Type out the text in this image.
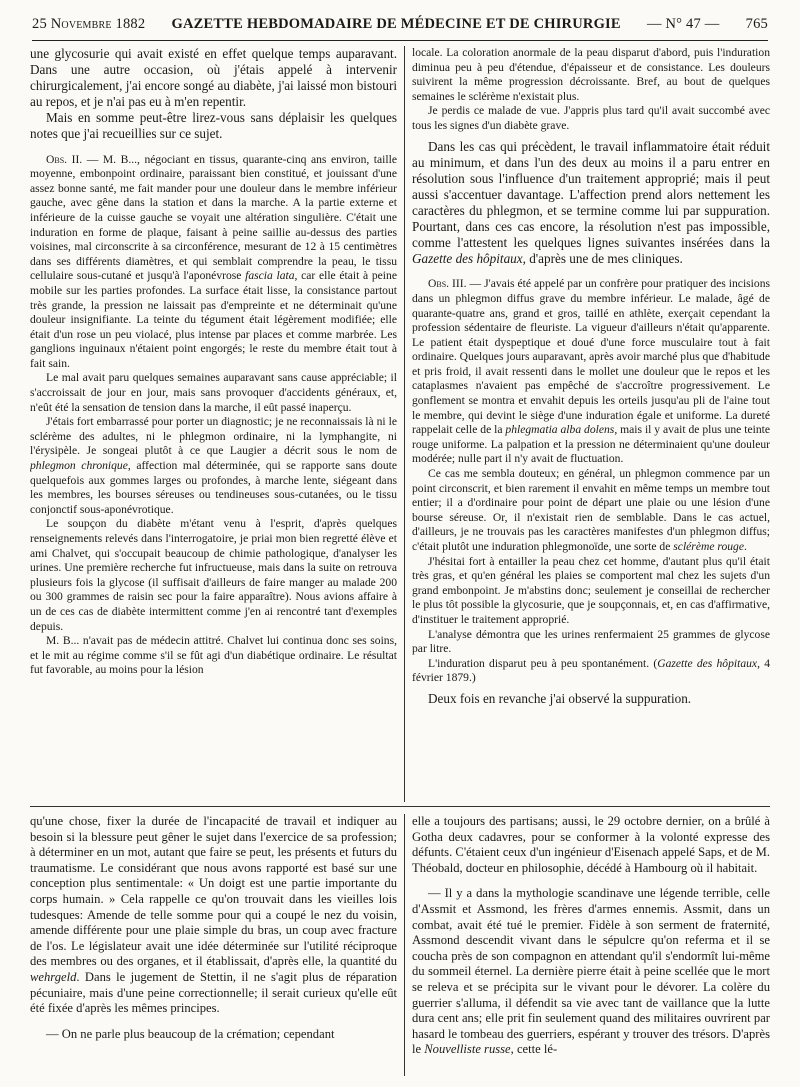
25 Novembre 1882 GAZETTE HEBDOMADAIRE DE MÉDECINE ET DE CHIRURGIE — N° 47 — 765

une glycosurie qui avait existé en effet quelque temps auparavant. Dans une autre occasion, où j'étais appelé à intervenir chirurgicalement, j'ai encore songé au diabète, j'ai laissé mon bistouri au repos, et je n'ai pas eu à m'en repentir.

Mais en somme peut-être lirez-vous sans déplaisir les quelques notes que j'ai recueillies sur ce sujet.

Obs. II. — M. B..., négociant en tissus, quarante-cinq ans environ, taille moyenne, embonpoint ordinaire, paraissant bien constitué, et jouissant d'une assez bonne santé, me fait mander pour une douleur dans le membre inférieur gauche, avec gêne dans la station et dans la marche. A la partie externe et inférieure de la cuisse gauche se voyait une altération singulière. C'était une induration en forme de plaque, faisant à peine saillie au-dessus des parties voisines, mal circonscrite à sa circonférence, mesurant de 12 à 15 centimètres dans ses différents diamètres, et qui semblait comprendre la peau, le tissu cellulaire sous-cutané et jusqu'à l'aponévrose fascia lata, car elle était à peine mobile sur les parties profondes. La surface était lisse, la consistance partout très grande, la pression ne laissait pas d'empreinte et ne déterminait qu'une douleur insignifiante. La teinte du tégument était légèrement modifiée; elle était d'un rose un peu violacé, plus intense par places et comme marbrée. Les ganglions inguinaux n'étaient point engorgés; le reste du membre était tout à fait sain.

Le mal avait paru quelques semaines auparavant sans cause appréciable; il s'accroissait de jour en jour, mais sans provoquer d'accidents généraux, et, n'eût été la sensation de tension dans la marche, il eût passé inaperçu.

J'étais fort embarrassé pour porter un diagnostic; je ne reconnaissais là ni le sclérème des adultes, ni le phlegmon ordinaire, ni la lymphangite, ni l'érysipèle. Je songeai plutôt à ce que Laugier a décrit sous le nom de phlegmon chronique, affection mal déterminée, qui se rapporte sans doute quelquefois aux gommes larges ou profondes, à marche lente, siégeant dans les membres, les bourses séreuses ou tendineuses sous-cutanées, ou le tissu conjonctif sous-aponévrotique.

Le soupçon du diabète m'étant venu à l'esprit, d'après quelques renseignements relevés dans l'interrogatoire, je priai mon bien regretté élève et ami Chalvet, qui s'occupait beaucoup de chimie pathologique, d'analyser les urines. Une première recherche fut infructueuse, mais dans la suite on retrouva plusieurs fois la glycose (il suffisait d'ailleurs de faire manger au malade 200 ou 300 grammes de raisin sec pour la faire apparaître). Nous avions affaire à un de ces cas de diabète intermittent comme j'en ai rencontré tant d'exemples depuis.

M. B... n'avait pas de médecin attitré. Chalvet lui continua donc ses soins, et le mit au régime comme s'il se fût agi d'un diabétique ordinaire. Le résultat fut favorable, au moins pour la lésion

locale. La coloration anormale de la peau disparut d'abord, puis l'induration diminua peu à peu d'étendue, d'épaisseur et de consistance. Les douleurs suivirent la même progression décroissante. Bref, au bout de quelques semaines le sclérème n'existait plus.

Je perdis ce malade de vue. J'appris plus tard qu'il avait succombé avec tous les signes d'un diabète grave.

Dans les cas qui précèdent, le travail inflammatoire était réduit au minimum, et dans l'un des deux au moins il a paru entrer en résolution sous l'influence d'un traitement approprié; mais il peut aussi s'accentuer davantage. L'affection prend alors nettement les caractères du phlegmon, et se termine comme lui par suppuration. Pourtant, dans ces cas encore, la résolution n'est pas impossible, comme l'attestent les quelques lignes suivantes insérées dans la Gazette des hôpitaux, d'après une de mes cliniques.

Obs. III. — J'avais été appelé par un confrère pour pratiquer des incisions dans un phlegmon diffus grave du membre inférieur. Le malade, âgé de quarante-quatre ans, grand et gros, taillé en athlète, exerçait cependant la profession sédentaire de fleuriste. La vigueur d'ailleurs n'était qu'apparente. Le patient était dyspeptique et doué d'une force musculaire tout à fait ordinaire. Quelques jours auparavant, après avoir marché plus que d'habitude et pris froid, il avait ressenti dans le mollet une douleur que le repos et les cataplasmes n'avaient pas empêché de s'accroître progressivement. Le gonflement se montra et envahit depuis les orteils jusqu'au pli de l'aine tout le membre, qui devint le siège d'une induration égale et uniforme. La dureté rappelait celle de la phlegmatia alba dolens, mais il y avait de plus une teinte rouge uniforme. La palpation et la pression ne déterminaient qu'une douleur modérée; nulle part il n'y avait de fluctuation.

Ce cas me sembla douteux; en général, un phlegmon commence par un point circonscrit, et bien rarement il envahit en même temps un membre tout entier; il a d'ordinaire pour point de départ une plaie ou une lésion d'une bourse séreuse. Or, il n'existait rien de semblable. Dans le cas actuel, d'ailleurs, je ne trouvais pas les caractères manifestes d'un phlegmon diffus; c'était plutôt une induration phlegmonoïde, une sorte de sclérème rouge.

J'hésitai fort à entailler la peau chez cet homme, d'autant plus qu'il était très gras, et qu'en général les plaies se comportent mal chez les sujets d'un grand embonpoint. Je m'abstins donc; seulement je conseillai de rechercher le plus tôt possible la glycosurie, que je soupçonnais, et, en cas d'affirmative, d'instituer le traitement approprié.

L'analyse démontra que les urines renfermaient 25 grammes de glycose par litre.

L'induration disparut peu à peu spontanément. (Gazette des hôpitaux, 4 février 1879.)

Deux fois en revanche j'ai observé la suppuration.

qu'une chose, fixer la durée de l'incapacité de travail et indiquer au besoin si la blessure peut gêner le sujet dans l'exercice de sa profession; à déterminer en un mot, autant que faire se peut, les présents et futurs du traumatisme. Le considérant que nous avons rapporté est basé sur une conception plus sentimentale: « Un doigt est une partie importante du corps humain. » Cela rappelle ce qu'on trouvait dans les vieilles lois tudesques: Amende de telle somme pour qui a coupé le nez du voisin, amende différente pour une plaie simple du bras, un coup avec fracture de l'os. Le législateur avait une idée déterminée sur l'utilité réciproque des membres ou des organes, et il établissait, d'après elle, la quantité du wehrgeld. Dans le jugement de Stettin, il ne s'agit plus de réparation pécuniaire, mais d'une peine correctionnelle; il serait curieux qu'elle eût été fixée d'après les mêmes principes.

— On ne parle plus beaucoup de la crémation; cependant

elle a toujours des partisans; aussi, le 29 octobre dernier, on a brûlé à Gotha deux cadavres, pour se conformer à la volonté expresse des défunts. C'étaient ceux d'un ingénieur d'Eisenach appelé Saps, et de M. Théobald, docteur en philosophie, décédé à Hambourg où il habitait.

— Il y a dans la mythologie scandinave une légende terrible, celle d'Assmit et Assmond, les frères d'armes ennemis. Assmit, dans un combat, avait été tué le premier. Fidèle à son serment de fraternité, Assmond descendit vivant dans le sépulcre qu'on referma et il se coucha près de son compagnon en attendant qu'il s'endormît lui-même du sommeil éternel. La dernière pierre était à peine scellée que le mort se releva et se précipita sur le vivant pour le dévorer. La colère du guerrier s'alluma, il défendit sa vie avec tant de vaillance que la lutte dura cent ans; elle prit fin seulement quand des militaires ouvrirent par hasard le tombeau des guerriers, espérant y trouver des trésors. D'après le Nouvelliste russe, cette lé-
